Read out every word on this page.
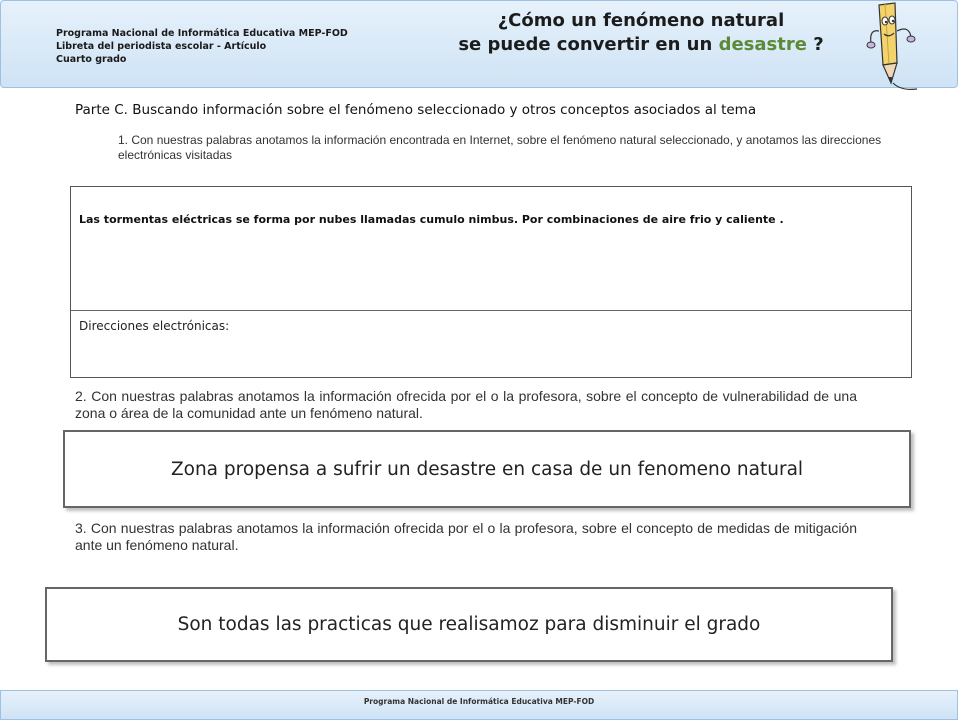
Programa Nacional de Informática Educativa MEP-FOD
Libreta del periodista escolar - Artículo
Cuarto grado
¿Cómo un fenómeno natural
se puede convertir en un desastre ?
Parte C. Buscando información sobre el fenómeno seleccionado y otros conceptos asociados al tema
1. Con nuestras palabras anotamos la información encontrada en Internet, sobre el fenómeno natural seleccionado, y anotamos las direcciones electrónicas visitadas
Las tormentas eléctricas se forma por nubes llamadas cumulo nimbus. Por combinaciones de aire frio y caliente .
Direcciones electrónicas:
2. Con nuestras palabras anotamos la información ofrecida por el o la profesora, sobre el concepto de vulnerabilidad de una zona o área de la comunidad ante un fenómeno natural.
Zona propensa a sufrir un desastre en casa de un fenomeno natural
3. Con nuestras palabras anotamos la información ofrecida por el o la profesora, sobre el concepto de medidas de mitigación ante un fenómeno natural.
Son todas las practicas que realisamoz para disminuir el grado
Programa Nacional de Informática Educativa MEP-FOD
